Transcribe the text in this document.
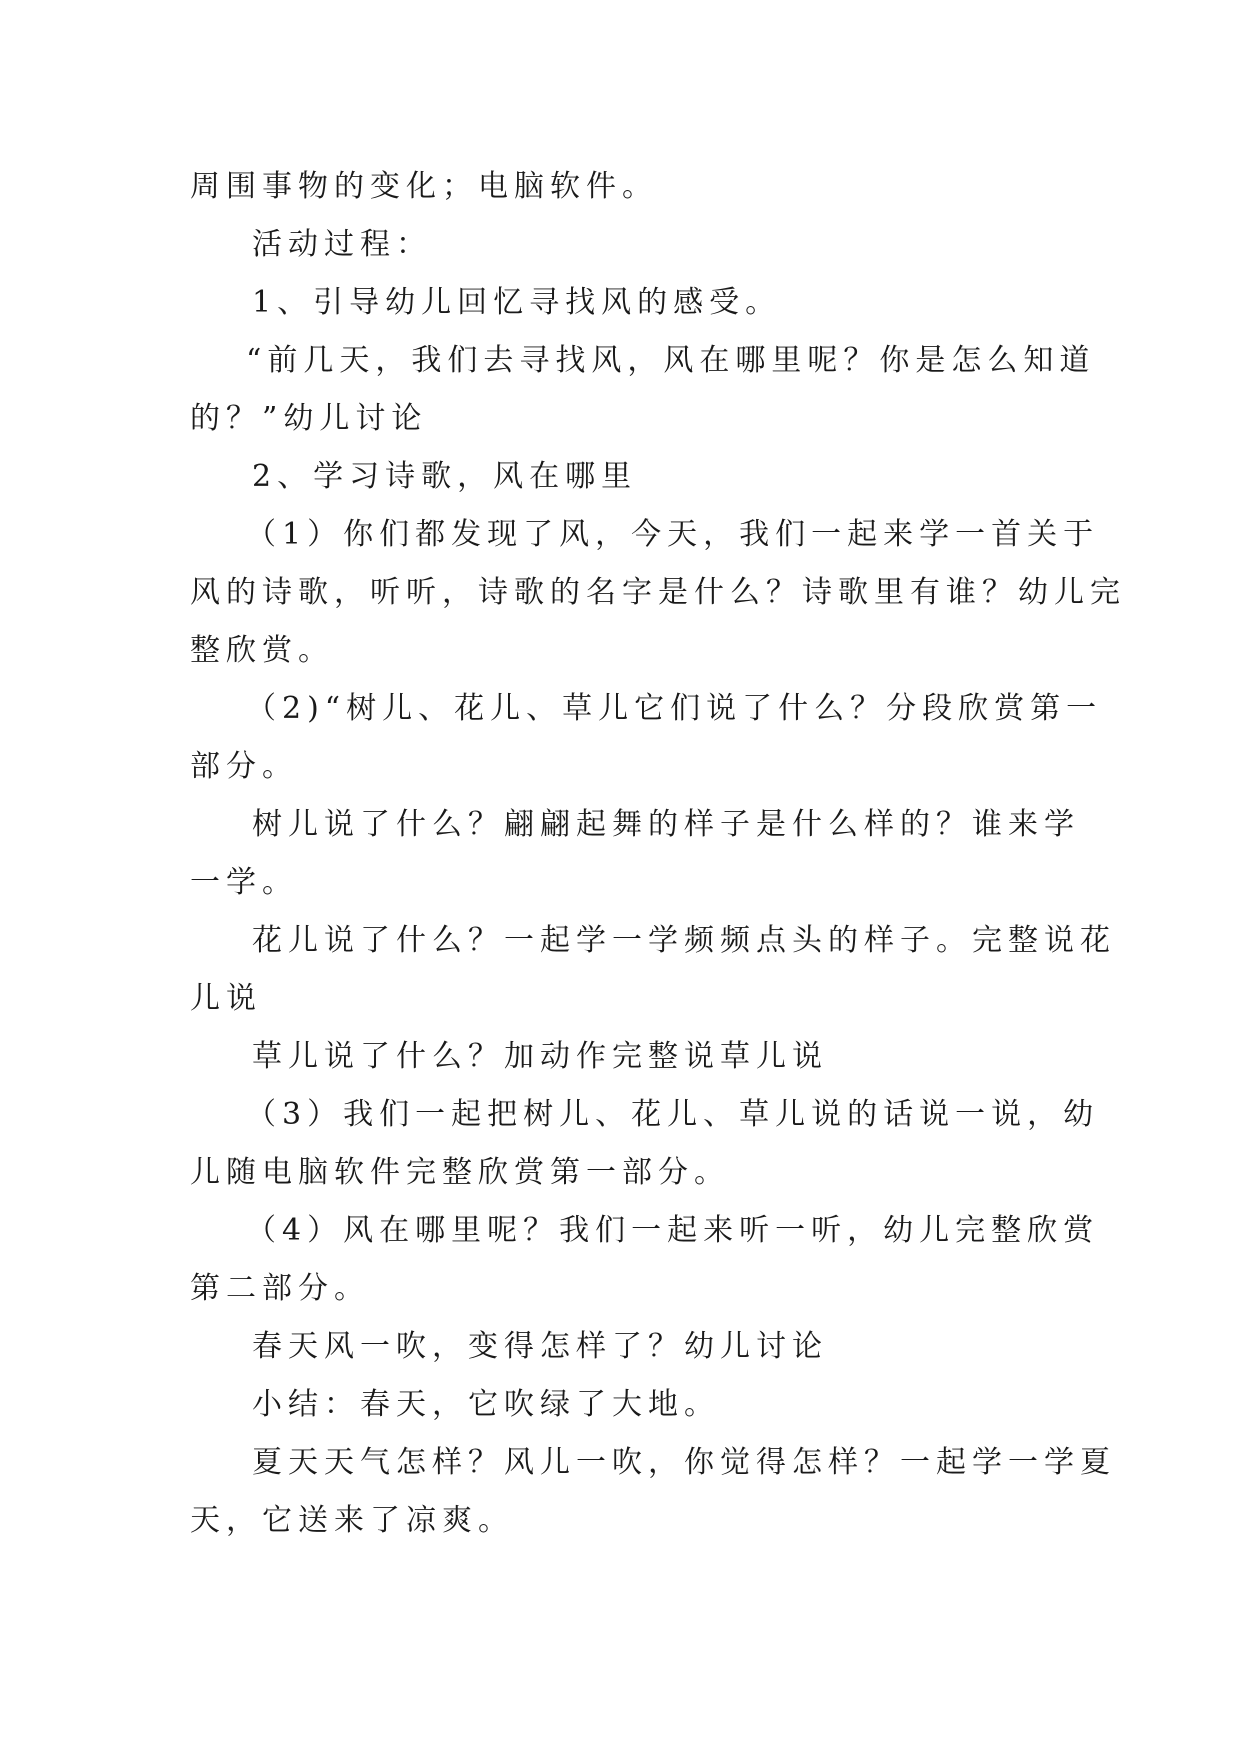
周围事物的变化；电脑软件。
活动过程：
1、引导幼儿回忆寻找风的感受。
“前几天，我们去寻找风，风在哪里呢？你是怎么知道
的？”幼儿讨论
2、学习诗歌，风在哪里
（1）你们都发现了风，今天，我们一起来学一首关于
风的诗歌，听听，诗歌的名字是什么？诗歌里有谁？幼儿完
整欣赏。
（2)“树儿、花儿、草儿它们说了什么？分段欣赏第一
部分。
树儿说了什么？翩翩起舞的样子是什么样的？谁来学
一学。
花儿说了什么？一起学一学频频点头的样子。完整说花
儿说
草儿说了什么？加动作完整说草儿说
（3）我们一起把树儿、花儿、草儿说的话说一说，幼
儿随电脑软件完整欣赏第一部分。
（4）风在哪里呢？我们一起来听一听，幼儿完整欣赏
第二部分。
春天风一吹，变得怎样了？幼儿讨论
小结：春天，它吹绿了大地。
夏天天气怎样？风儿一吹，你觉得怎样？一起学一学夏
天，它送来了凉爽。
